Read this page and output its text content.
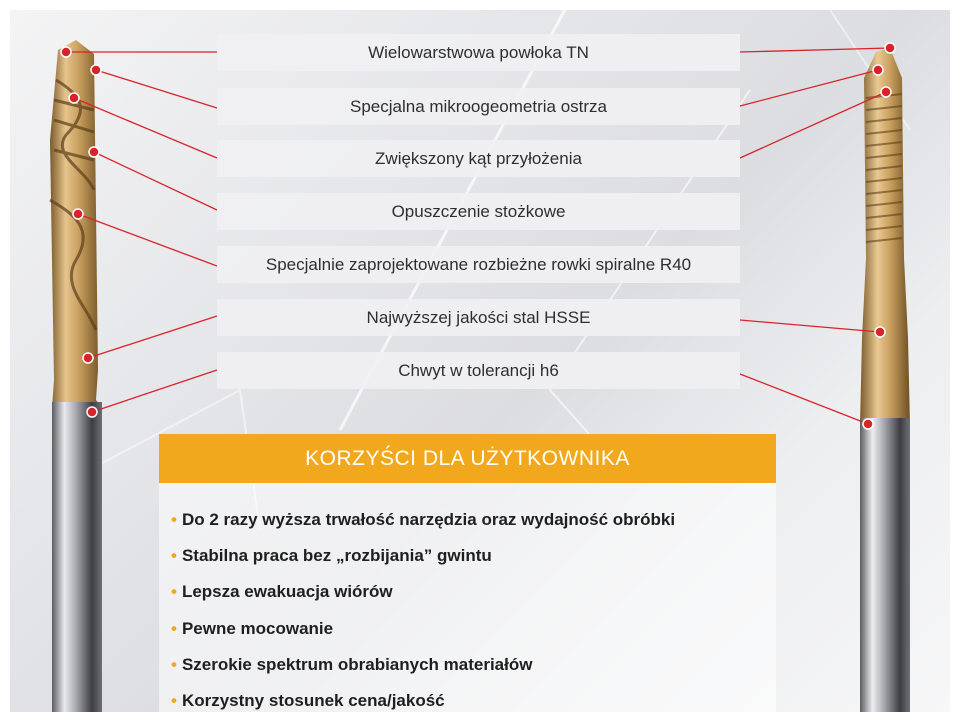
Wielowarstwowa powłoka TN
Specjalna mikroogeometria ostrza
Zwiększony kąt przyłożenia
Opuszczenie stożkowe
Specjalnie zaprojektowane rozbieżne rowki spiralne R40
Najwyższej jakości stal HSSE
Chwyt w tolerancji h6
KORZYŚCI DLA UŻYTKOWNIKA
• Do 2 razy wyższa trwałość narzędzia oraz wydajność obróbki
• Stabilna praca bez „rozbijania” gwintu
• Lepsza ewakuacja wiórów
• Pewne mocowanie
• Szerokie spektrum obrabianych materiałów
• Korzystny stosunek cena/jakość
